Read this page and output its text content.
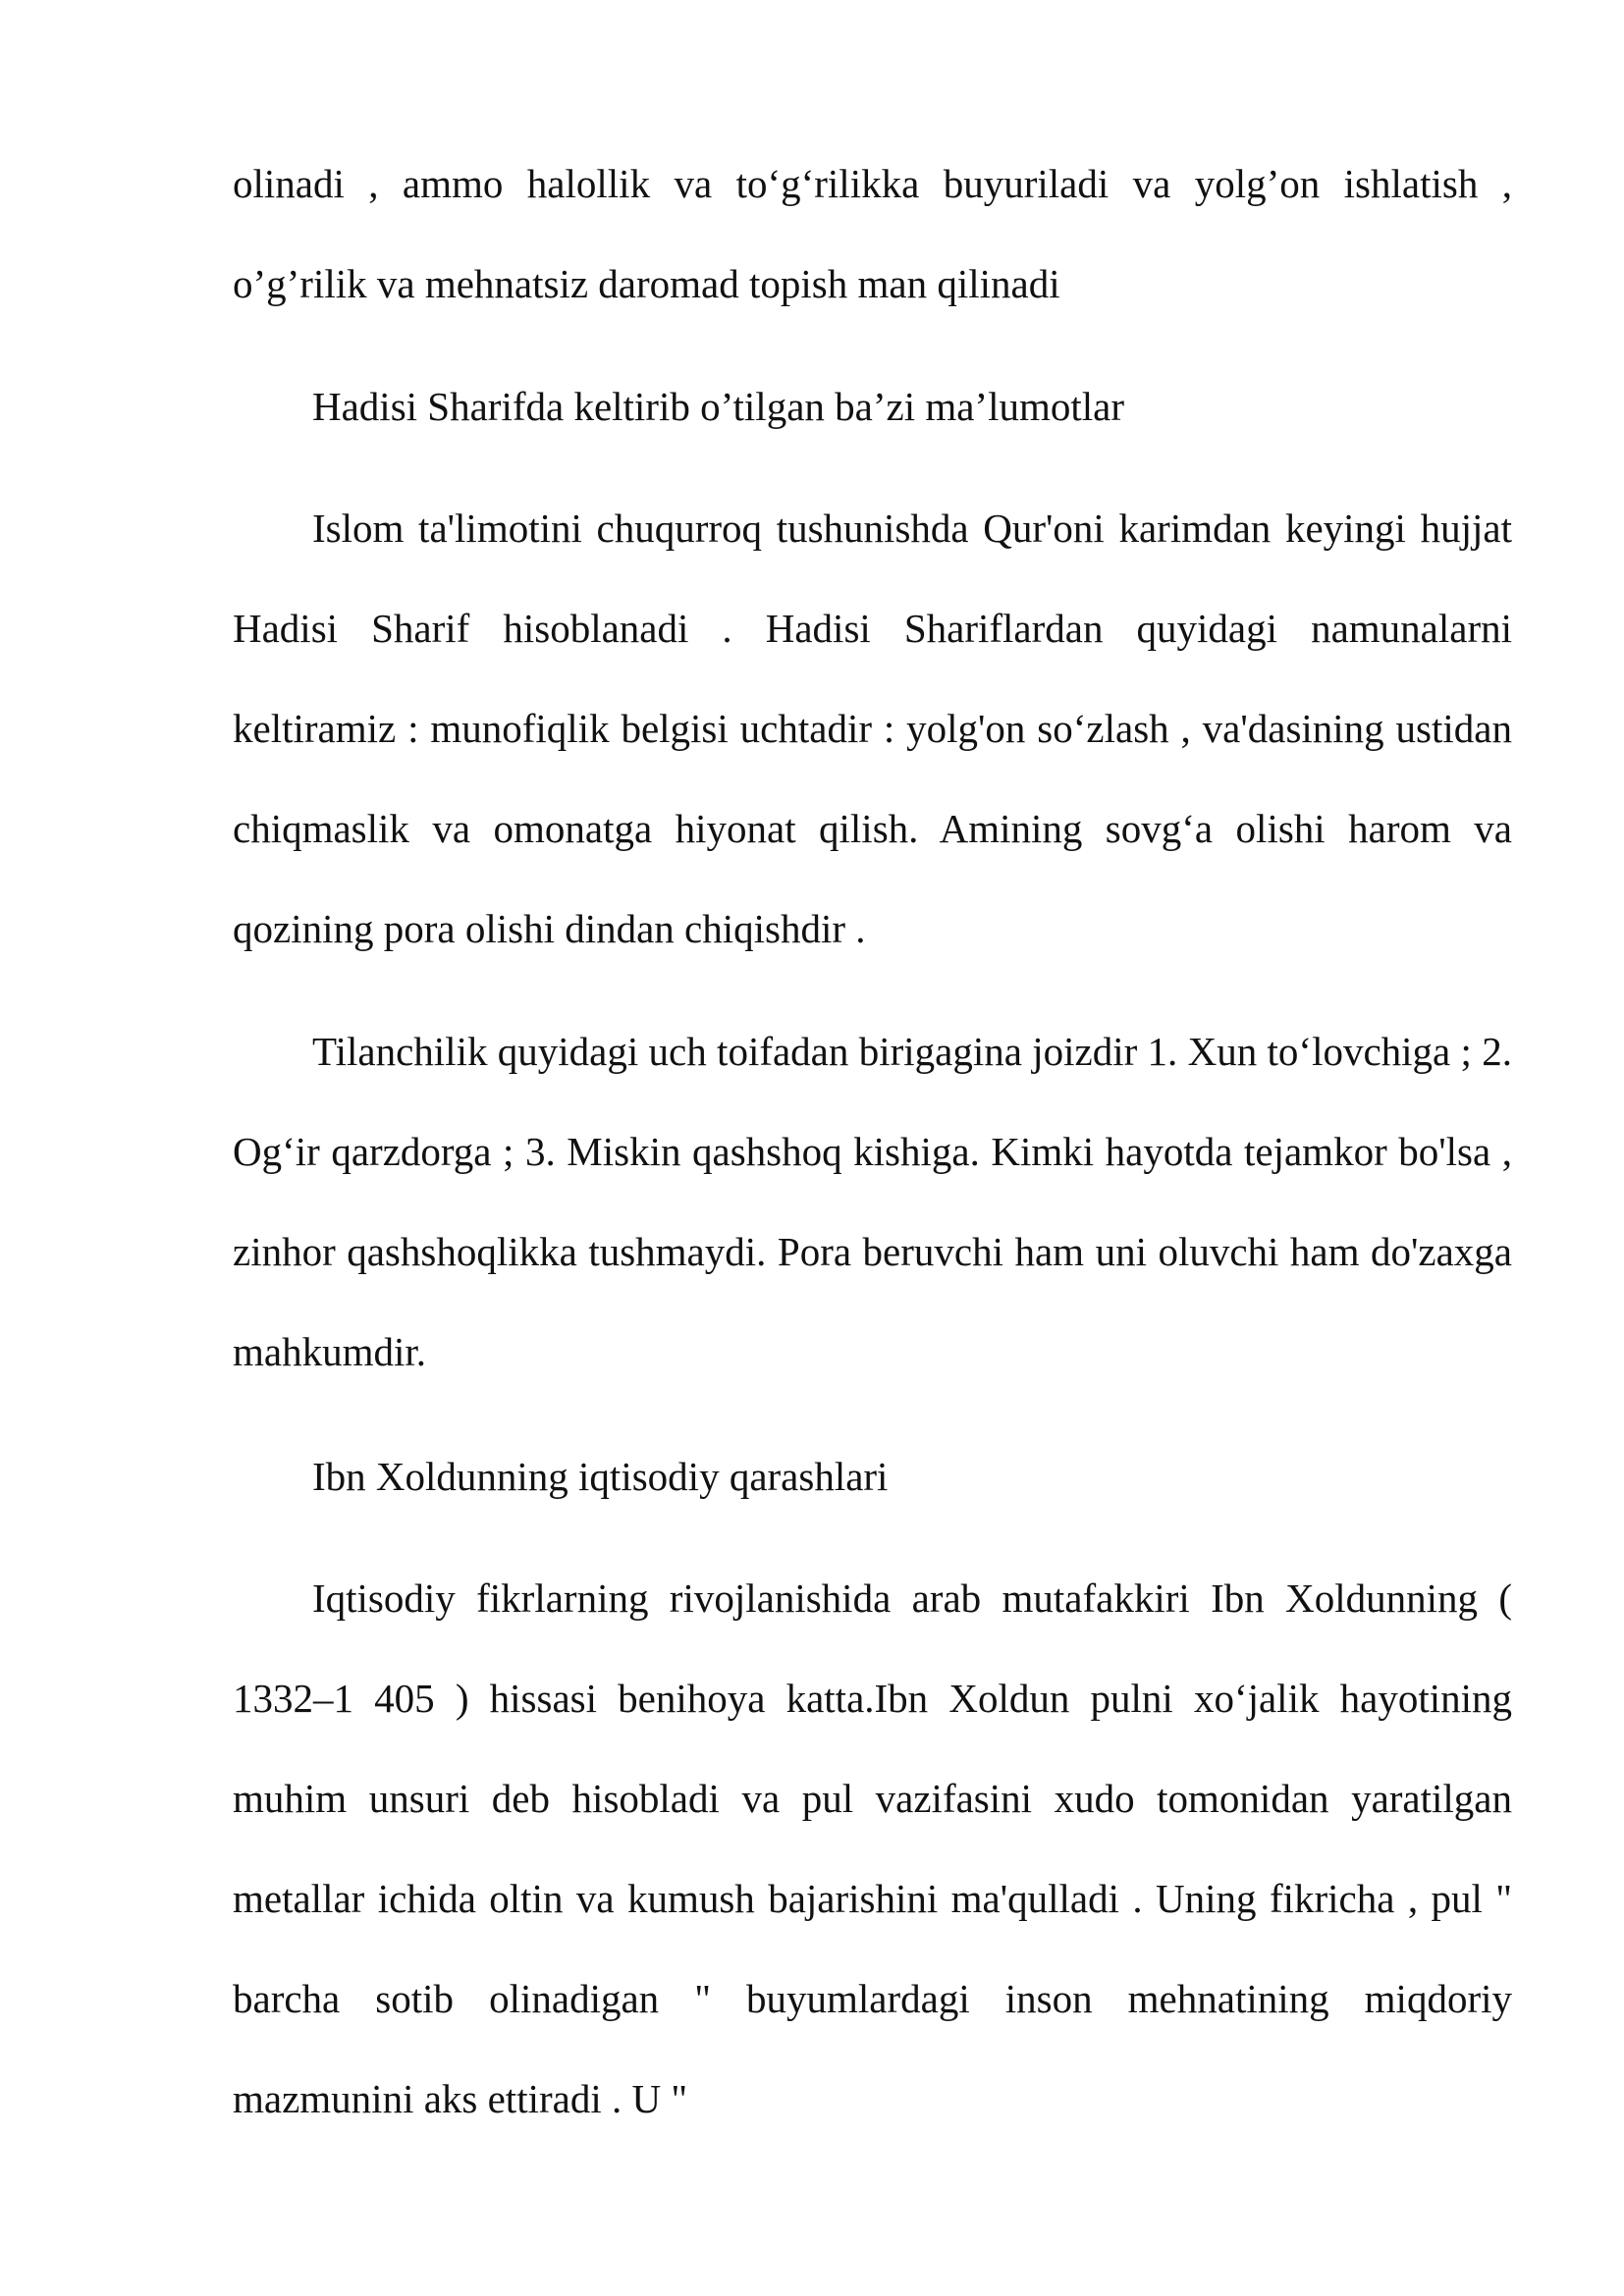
olinadi , ammo halollik va to‘g‘rilikka buyuriladi va yolg’on ishlatish , o’g’rilik va mehnatsiz daromad topish man qilinadi

Hadisi Sharifda keltirib o’tilgan ba’zi ma’lumotlar

Islom ta'limotini chuqurroq tushunishda Qur'oni karimdan keyingi hujjat Hadisi Sharif hisoblanadi . Hadisi Shariflardan quyidagi namunalarni keltiramiz : munofiqlik belgisi uchtadir : yolg'on so‘zlash , va'dasining ustidan chiqmaslik va omonatga hiyonat qilish. Amining sovg‘a olishi harom va qozining pora olishi dindan chiqishdir .

Tilanchilik quyidagi uch toifadan birigagina joizdir 1. Xun to‘lovchiga ; 2. Og‘ir qarzdorga ; 3. Miskin qashshoq kishiga. Kimki hayotda tejamkor bo'lsa , zinhor qashshoqlikka tushmaydi. Pora beruvchi ham uni oluvchi ham do'zaxga mahkumdir.

Ibn Xoldunning iqtisodiy qarashlari

Iqtisodiy fikrlarning rivojlanishida arab mutafakkiri Ibn Xoldunning ( 1332–1 405 ) hissasi benihoya katta.Ibn Xoldun pulni xo‘jalik hayotining muhim unsuri deb hisobladi va pul vazifasini xudo tomonidan yaratilgan metallar ichida oltin va kumush bajarishini ma'qulladi . Uning fikricha , pul " barcha sotib olinadigan " buyumlardagi inson mehnatining miqdoriy mazmunini aks ettiradi . U "
